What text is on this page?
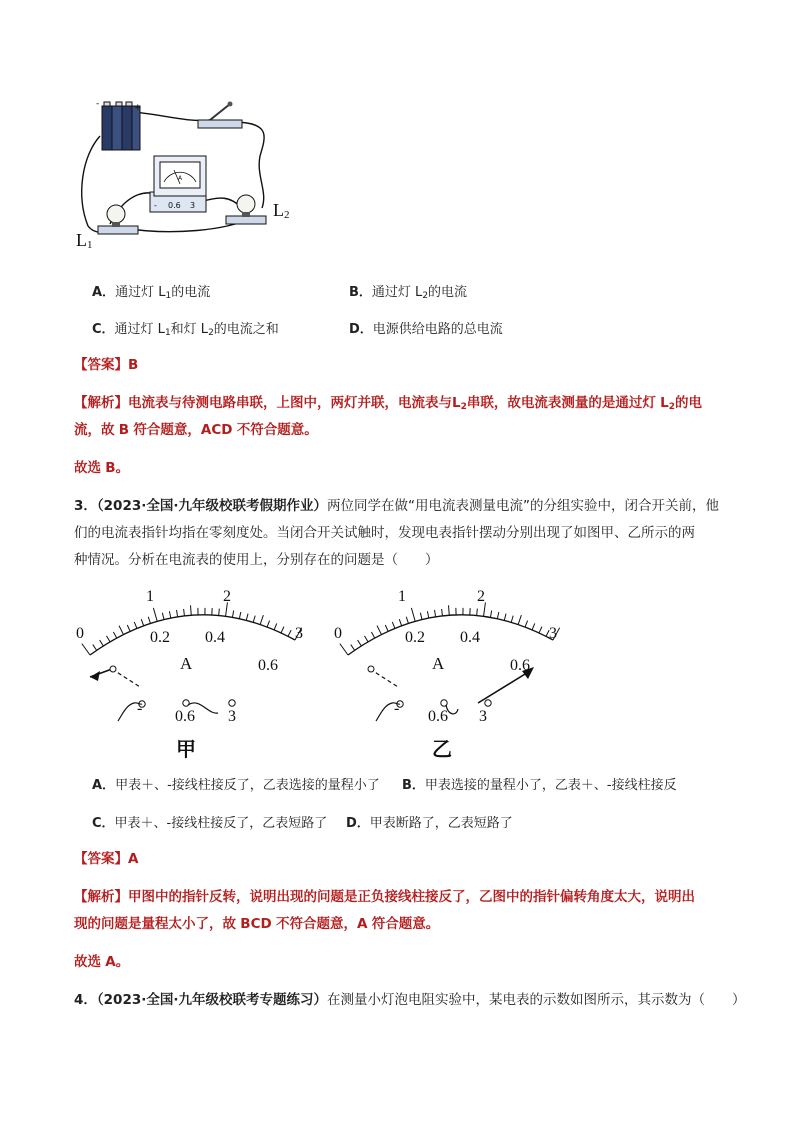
-	+
- 0.6 3
A
L1
L2
A．通过灯 $L_1$的电流	B．通过灯 $L_2$的电流
C．通过灯 $L_1$和灯 $L_2$的电流之和	D．电源供给电路的总电流
【答案】B
【解析】电流表与待测电路串联，上图中，两灯并联，电流表与$L_2$串联，故电流表测量的是通过灯 $L_2$的电
流，故 B 符合题意，ACD 不符合题意。
故选 B。
3．（2023·全国·九年级校联考假期作业）两位同学在做“用电流表测量电流”的分组实验中，闭合开关前，他
们的电流表指针均指在零刻度处。当闭合开关试触时，发现电表指针摆动分别出现了如图甲、乙所示的两
种情况。分析在电流表的使用上，分别存在的问题是（　　）
0
1	2
3
0.2 0.4
0.6
A
- 0.6 3
甲
0
1	2
3
0.2 0.4
0.6
A
- 0.6 3
乙
A．甲表＋、-接线柱接反了，乙表选接的量程小了 B．甲表选接的量程小了，乙表＋、-接线柱接反
C．甲表＋、-接线柱接反了，乙表短路了 D．甲表断路了，乙表短路了
【答案】A
【解析】甲图中的指针反转，说明出现的问题是正负接线柱接反了，乙图中的指针偏转角度太大，说明出
现的问题是量程太小了，故 BCD 不符合题意，A 符合题意。
故选 A。
4．（2023·全国·九年级校联考专题练习）在测量小灯泡电阻实验中，某电表的示数如图所示，其示数为（　　）
